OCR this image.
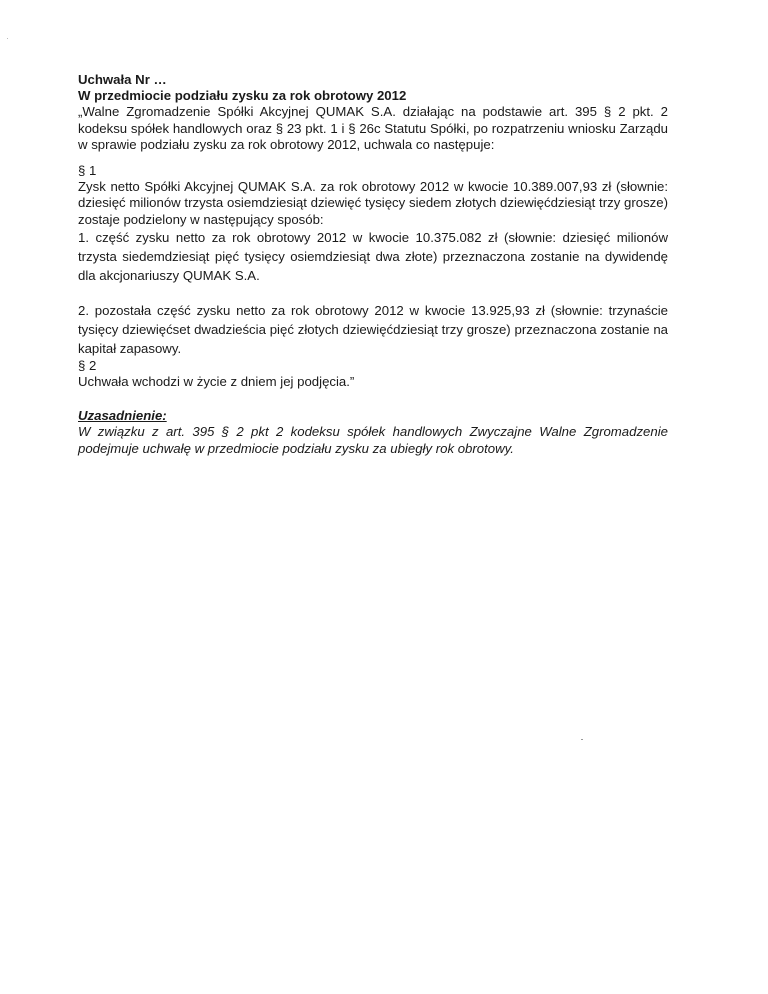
Uchwała Nr …
W przedmiocie podziału zysku za rok obrotowy 2012
„Walne Zgromadzenie Spółki Akcyjnej QUMAK S.A. działając na podstawie art. 395 § 2 pkt. 2 kodeksu spółek handlowych oraz § 23 pkt. 1 i § 26c Statutu Spółki, po rozpatrzeniu wniosku Zarządu w sprawie podziału zysku za rok obrotowy 2012, uchwala co następuje:
§ 1
Zysk netto Spółki Akcyjnej QUMAK S.A. za rok obrotowy 2012 w kwocie 10.389.007,93 zł (słownie: dziesięć milionów trzysta osiemdziesiąt dziewięć tysięcy siedem złotych dziewięćdziesiąt trzy grosze) zostaje podzielony w następujący sposób:
1. część zysku netto za rok obrotowy 2012 w kwocie 10.375.082 zł (słownie: dziesięć milionów trzysta siedemdziesiąt pięć tysięcy osiemdziesiąt dwa złote) przeznaczona zostanie na dywidendę dla akcjonariuszy QUMAK S.A.
2. pozostała część zysku netto za rok obrotowy 2012 w kwocie 13.925,93 zł (słownie: trzynaście tysięcy dziewięćset dwadzieścia pięć złotych dziewięćdziesiąt trzy grosze) przeznaczona zostanie na kapitał zapasowy.
§ 2
Uchwała wchodzi w życie z dniem jej podjęcia.”
Uzasadnienie:
W związku z art. 395 § 2 pkt 2 kodeksu spółek handlowych Zwyczajne Walne Zgromadzenie podejmuje uchwałę w przedmiocie podziału zysku za ubiegły rok obrotowy.
